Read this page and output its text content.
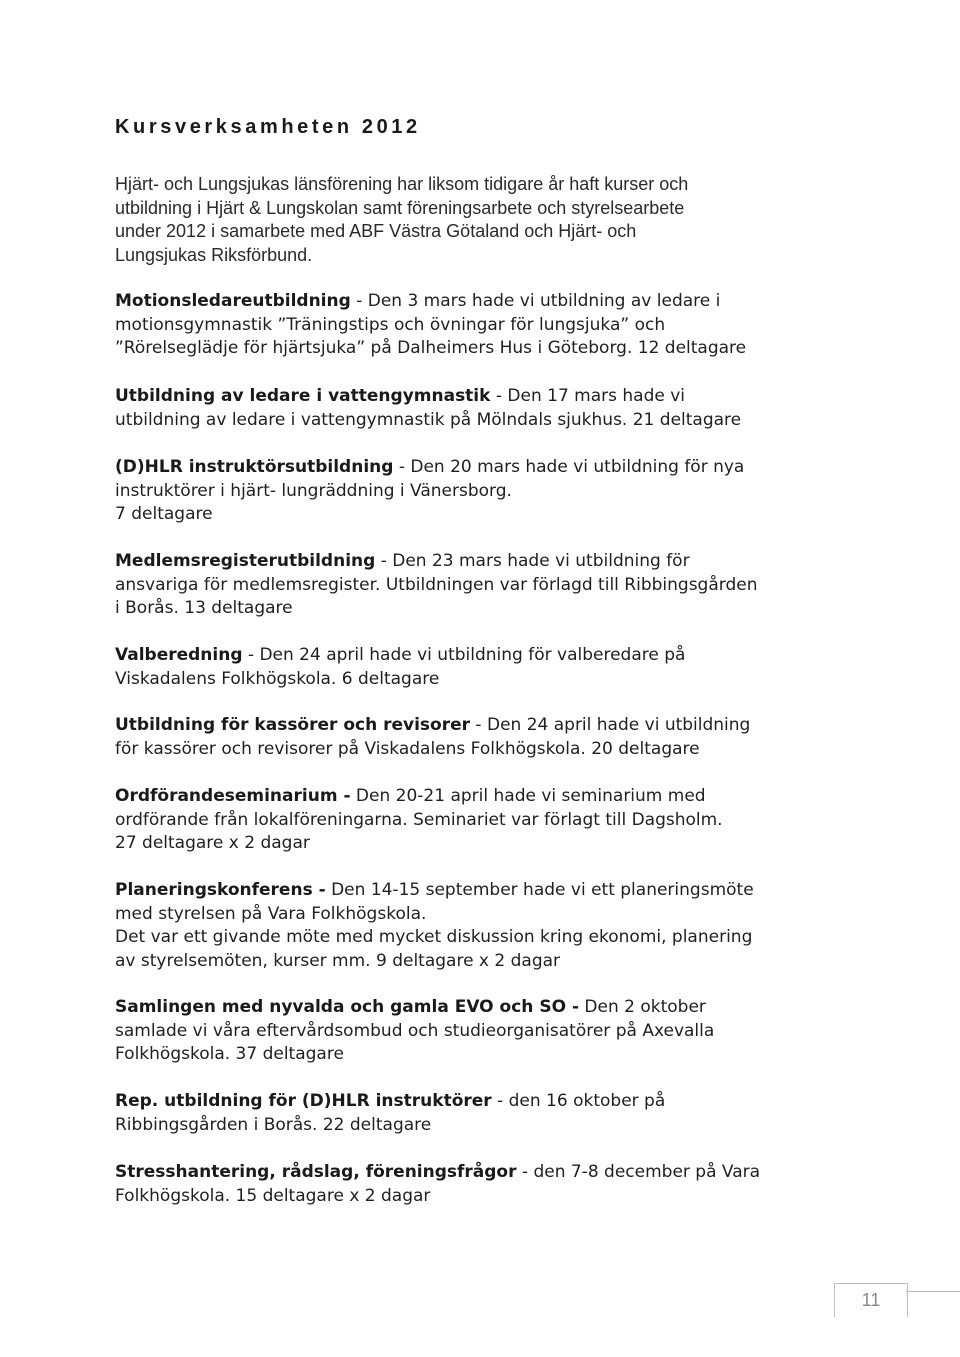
Kursverksamheten 2012

Hjärt- och Lungsjukas länsförening har liksom tidigare år haft kurser och
utbildning i Hjärt & Lungskolan samt föreningsarbete och styrelsearbete
under 2012 i samarbete med ABF Västra Götaland och Hjärt- och
Lungsjukas Riksförbund.

Motionsledareutbildning - Den 3 mars hade vi utbildning av ledare i
motionsgymnastik ”Träningstips och övningar för lungsjuka” och
”Rörelseglädje för hjärtsjuka” på Dalheimers Hus i Göteborg. 12 deltagare

Utbildning av ledare i vattengymnastik - Den 17 mars hade vi
utbildning av ledare i vattengymnastik på Mölndals sjukhus. 21 deltagare

(D)HLR instruktörsutbildning - Den 20 mars hade vi utbildning för nya
instruktörer i hjärt- lungräddning i Vänersborg.
7 deltagare

Medlemsregisterutbildning - Den 23 mars hade vi utbildning för
ansvariga för medlemsregister. Utbildningen var förlagd till Ribbingsgården
i Borås. 13 deltagare

Valberedning - Den 24 april hade vi utbildning för valberedare på
Viskadalens Folkhögskola. 6 deltagare

Utbildning för kassörer och revisorer - Den 24 april hade vi utbildning
för kassörer och revisorer på Viskadalens Folkhögskola. 20 deltagare

Ordförandeseminarium - Den 20-21 april hade vi seminarium med
ordförande från lokalföreningarna. Seminariet var förlagt till Dagsholm.
27 deltagare x 2 dagar

Planeringskonferens - Den 14-15 september hade vi ett planeringsmöte
med styrelsen på Vara Folkhögskola.
Det var ett givande möte med mycket diskussion kring ekonomi, planering
av styrelsemöten, kurser mm. 9 deltagare x 2 dagar

Samlingen med nyvalda och gamla EVO och SO - Den 2 oktober
samlade vi våra eftervårdsombud och studieorganisatörer på Axevalla
Folkhögskola. 37 deltagare

Rep. utbildning för (D)HLR instruktörer - den 16 oktober på
Ribbingsgården i Borås. 22 deltagare

Stresshantering, rådslag, föreningsfrågor - den 7-8 december på Vara
Folkhögskola. 15 deltagare x 2 dagar

11
